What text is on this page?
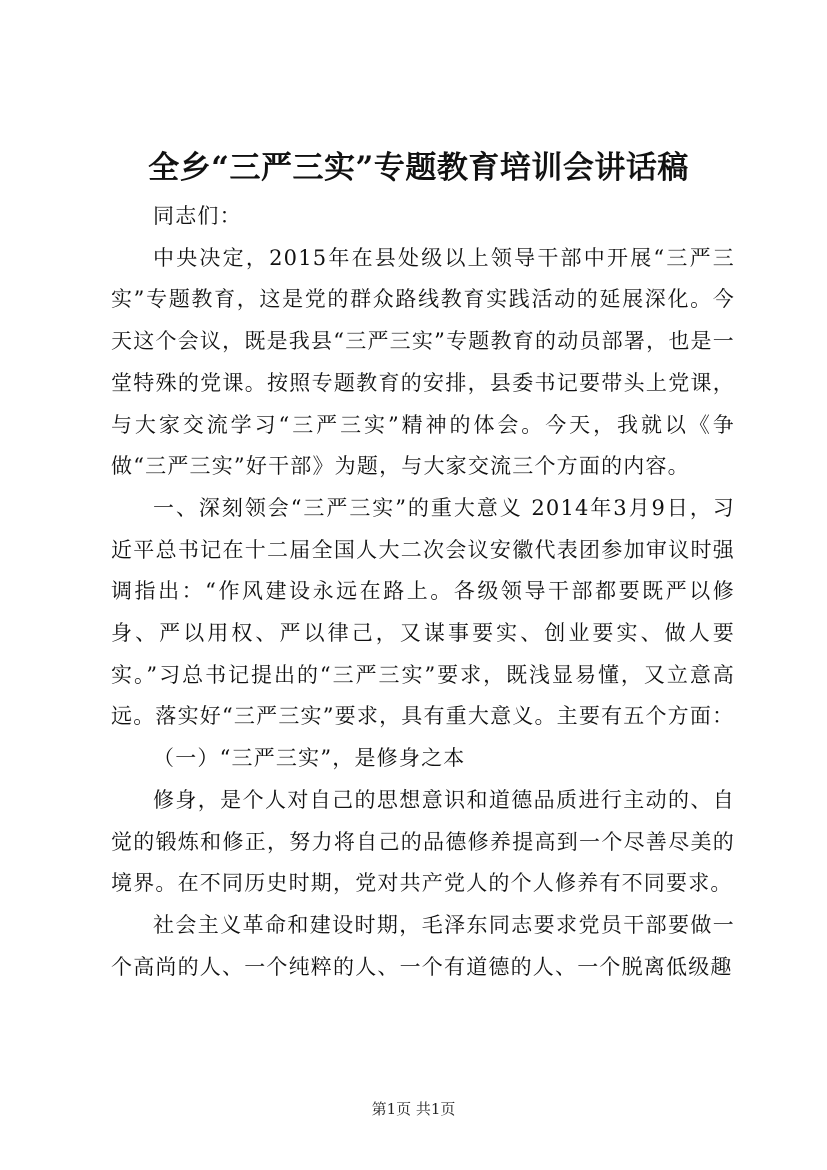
全乡“三严三实”专题教育培训会讲话稿

同志们：

中央决定，2015年在县处级以上领导干部中开展“三严三实”专题教育，这是党的群众路线教育实践活动的延展深化。今天这个会议，既是我县“三严三实”专题教育的动员部署，也是一堂特殊的党课。按照专题教育的安排，县委书记要带头上党课，与大家交流学习“三严三实”精神的体会。今天，我就以《争做“三严三实”好干部》为题，与大家交流三个方面的内容。

一、深刻领会“三严三实”的重大意义 2014年3月9日，习近平总书记在十二届全国人大二次会议安徽代表团参加审议时强调指出：“作风建设永远在路上。各级领导干部都要既严以修身、严以用权、严以律己，又谋事要实、创业要实、做人要实。”习总书记提出的“三严三实”要求，既浅显易懂，又立意高远。落实好“三严三实”要求，具有重大意义。主要有五个方面：

（一）“三严三实”，是修身之本

修身，是个人对自己的思想意识和道德品质进行主动的、自觉的锻炼和修正，努力将自己的品德修养提高到一个尽善尽美的境界。在不同历史时期，党对共产党人的个人修养有不同要求。

社会主义革命和建设时期，毛泽东同志要求党员干部要做一个高尚的人、一个纯粹的人、一个有道德的人、一个脱离低级趣

第1页 共1页
